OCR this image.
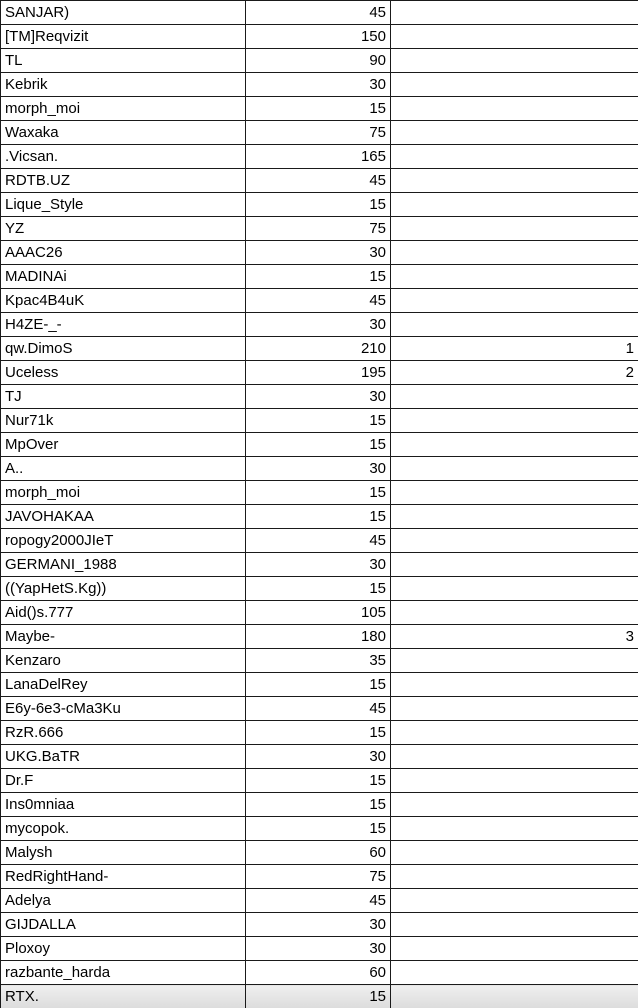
SANJAR)	45	
[TM]Reqvizit	150	
TL	90	
Kebrik	30	
morph_moi	15	
Waxaka	75	
.Vicsan.	165	
RDTB.UZ	45	
Lique_Style	15	
YZ	75	
AAAC26	30	
MADINAi	15	
Kpac4B4uK	45	
H4ZE-_-	30	
qw.DimoS	210	1
Uceless	195	2
TJ	30	
Nur71k	15	
MpOver	15	
A..	30	
morph_moi	15	
JAVOHAKAA	15	
ropogy2000JIeT	45	
GERMANI_1988	30	
((YapHetS.Kg))	15	
Aid()s.777	105	
Maybe-	180	3
Kenzaro	35	
LanaDelRey	15	
E6y-6e3-cMa3Ku	45	
RzR.666	15	
UKG.BaTR	30	
Dr.F	15	
Ins0mniaa	15	
mycopok.	15	
Malysh	60	
RedRightHand-	75	
Adelya	45	
GIJDALLA	30	
Ploxoy	30	
razbante_harda	60	
RTX.	15	
